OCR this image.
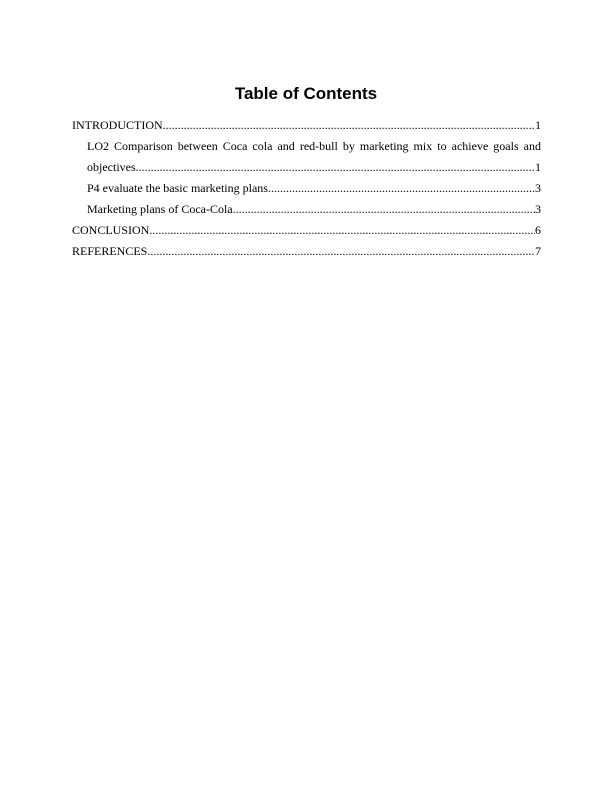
Table of Contents
INTRODUCTION .....	1
LO2 Comparison between Coca cola and red-bull by marketing mix to achieve goals and
objectives .....	1
P4 evaluate the basic marketing plans .....	3
Marketing plans of Coca-Cola .....	3
CONCLUSION .....	6
REFERENCES .....	7
